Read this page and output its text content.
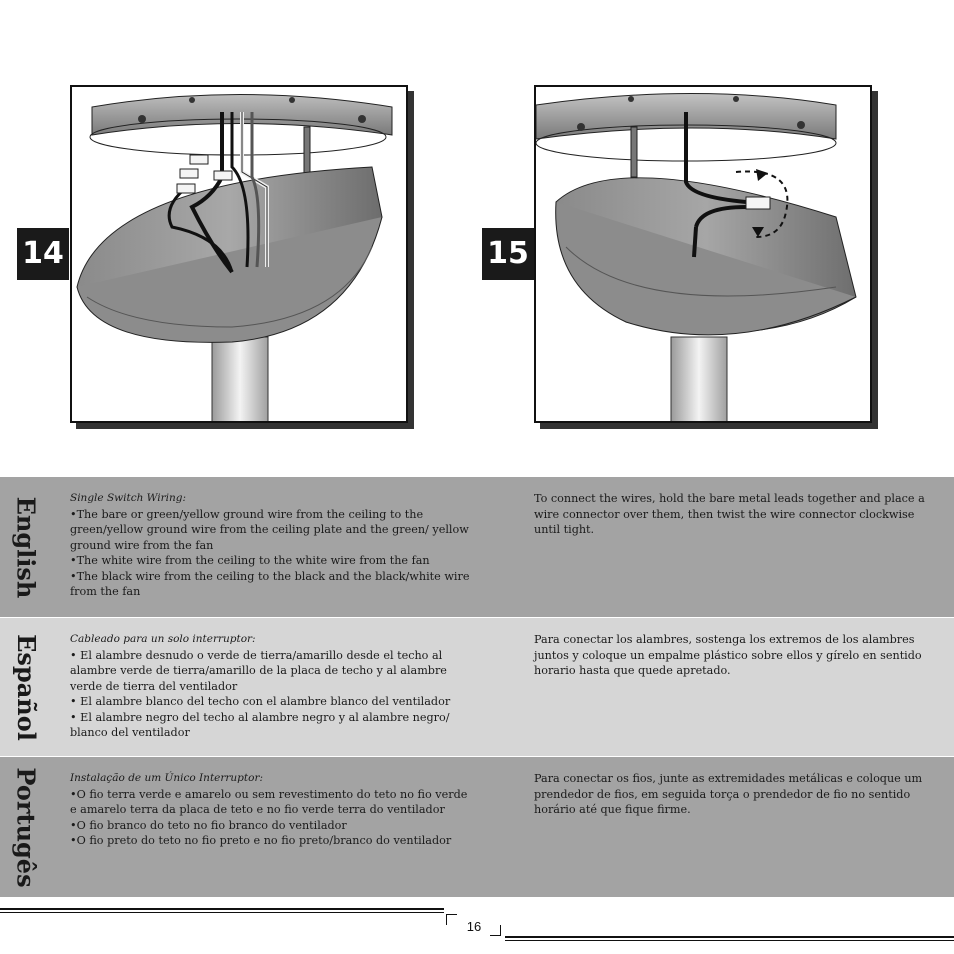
14	15
English	Single Switch Wiring:
•The bare or green/yellow ground wire from the ceiling to the green/yellow ground wire from the ceiling plate and the green/ yellow ground wire from the fan
•The white wire from the ceiling to the white wire from the fan
•The black wire from the ceiling to the black and the black/white wire from the fan
To connect the wires, hold the bare metal leads together and place a wire connector over them, then twist the wire connector clockwise until tight.
Español	Cableado para un solo interruptor:
• El alambre desnudo o verde de tierra/amarillo desde el techo al alambre verde de tierra/amarillo de la placa de techo y al alambre verde de tierra del ventilador
• El alambre blanco del techo con el alambre blanco del ventilador
• El alambre negro del techo al alambre negro y al alambre negro/ blanco del ventilador
Para conectar los alambres, sostenga los extremos de los alambres juntos y coloque un empalme plástico sobre ellos y gírelo en sentido horario hasta que quede apretado.
Portugês	Instalação de um Único Interruptor:
•O fio terra verde e amarelo ou sem revestimento do teto no fio verde e amarelo terra da placa de teto e no fio verde terra do ventilador
•O fio branco do teto no fio branco do ventilador
•O fio preto do teto no fio preto e no fio preto/branco do ventilador
Para conectar os fios, junte as extremidades metálicas e coloque um prendedor de fios, em seguida torça o prendedor de fio no sentido horário até que fique firme.
16
